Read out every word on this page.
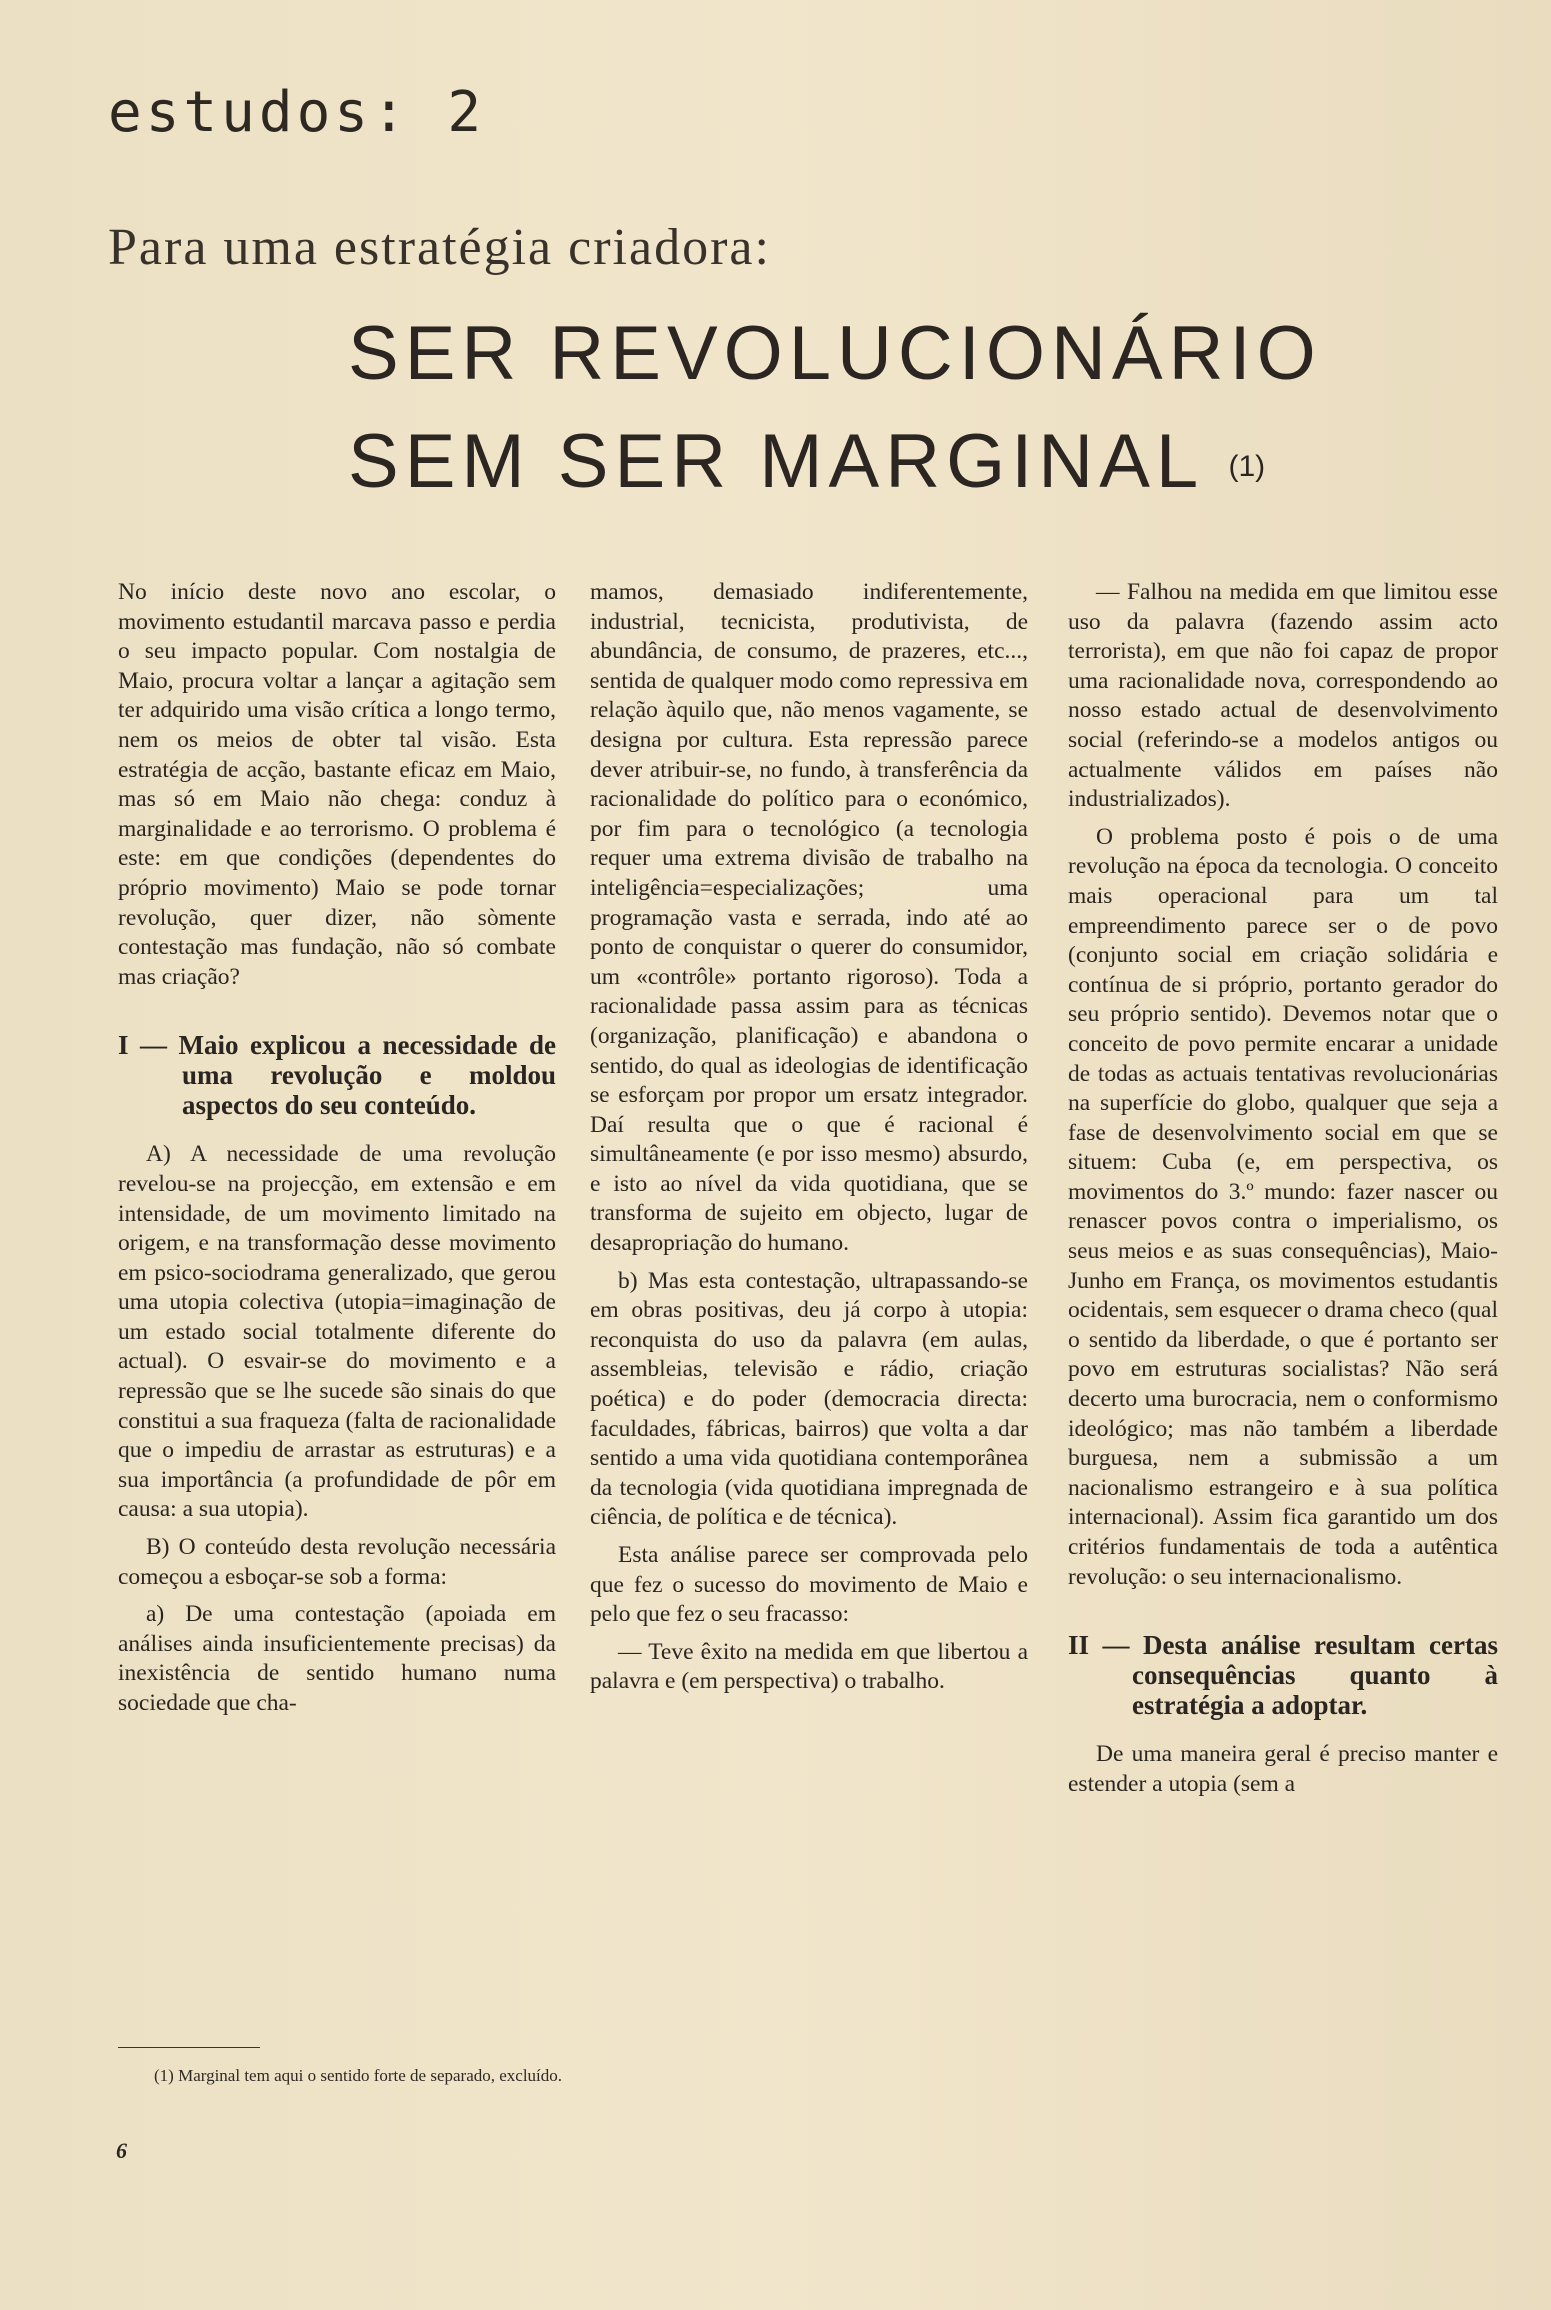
estudos: 2
Para uma estratégia criadora:
SER REVOLUCIONÁRIO
SEM SER MARGINAL (1)

No início deste novo ano escolar, o movimento estudantil marcava passo e perdia o seu impacto popular. Com nostalgia de Maio, procura voltar a lançar a agitação sem ter adquirido uma visão crítica a longo termo, nem os meios de obter tal visão. Esta estratégia de acção, bastante eficaz em Maio, mas só em Maio não chega: conduz à marginalidade e ao terrorismo. O problema é este: em que condições (dependentes do próprio movimento) Maio se pode tornar revolução, quer dizer, não sòmente contestação mas fundação, não só combate mas criação?

I — Maio explicou a necessidade de uma revolução e moldou aspectos do seu conteúdo.

A) A necessidade de uma revolução revelou-se na projecção, em extensão e em intensidade, de um movimento limitado na origem, e na transformação desse movimento em psico-sociodrama generalizado, que gerou uma utopia colectiva (utopia=imaginação de um estado social totalmente diferente do actual). O esvair-se do movimento e a repressão que se lhe sucede são sinais do que constitui a sua fraqueza (falta de racionalidade que o impediu de arrastar as estruturas) e a sua importância (a profundidade de pôr em causa: a sua utopia).

B) O conteúdo desta revolução necessária começou a esboçar-se sob a forma:

a) De uma contestação (apoiada em análises ainda insuficientemente precisas) da inexistência de sentido humano numa sociedade que cha-

mamos, demasiado indiferentemente, industrial, tecnicista, produtivista, de abundância, de consumo, de prazeres, etc..., sentida de qualquer modo como repressiva em relação àquilo que, não menos vagamente, se designa por cultura. Esta repressão parece dever atribuir-se, no fundo, à transferência da racionalidade do político para o económico, por fim para o tecnológico (a tecnologia requer uma extrema divisão de trabalho na inteligência=especializações; uma programação vasta e serrada, indo até ao ponto de conquistar o querer do consumidor, um «contrôle» portanto rigoroso). Toda a racionalidade passa assim para as técnicas (organização, planificação) e abandona o sentido, do qual as ideologias de identificação se esforçam por propor um ersatz integrador. Daí resulta que o que é racional é simultâneamente (e por isso mesmo) absurdo, e isto ao nível da vida quotidiana, que se transforma de sujeito em objecto, lugar de desapropriação do humano.

b) Mas esta contestação, ultrapassando-se em obras positivas, deu já corpo à utopia: reconquista do uso da palavra (em aulas, assembleias, televisão e rádio, criação poética) e do poder (democracia directa: faculdades, fábricas, bairros) que volta a dar sentido a uma vida quotidiana contemporânea da tecnologia (vida quotidiana impregnada de ciência, de política e de técnica).

Esta análise parece ser comprovada pelo que fez o sucesso do movimento de Maio e pelo que fez o seu fracasso:

— Teve êxito na medida em que libertou a palavra e (em perspectiva) o trabalho.

— Falhou na medida em que limitou esse uso da palavra (fazendo assim acto terrorista), em que não foi capaz de propor uma racionalidade nova, correspondendo ao nosso estado actual de desenvolvimento social (referindo-se a modelos antigos ou actualmente válidos em países não industrializados).

O problema posto é pois o de uma revolução na época da tecnologia. O conceito mais operacional para um tal empreendimento parece ser o de povo (conjunto social em criação solidária e contínua de si próprio, portanto gerador do seu próprio sentido). Devemos notar que o conceito de povo permite encarar a unidade de todas as actuais tentativas revolucionárias na superfície do globo, qualquer que seja a fase de desenvolvimento social em que se situem: Cuba (e, em perspectiva, os movimentos do 3.º mundo: fazer nascer ou renascer povos contra o imperialismo, os seus meios e as suas consequências), Maio-Junho em França, os movimentos estudantis ocidentais, sem esquecer o drama checo (qual o sentido da liberdade, o que é portanto ser povo em estruturas socialistas? Não será decerto uma burocracia, nem o conformismo ideológico; mas não também a liberdade burguesa, nem a submissão a um nacionalismo estrangeiro e à sua política internacional). Assim fica garantido um dos critérios fundamentais de toda a autêntica revolução: o seu internacionalismo.

II — Desta análise resultam certas consequências quanto à estratégia a adoptar.

De uma maneira geral é preciso manter e estender a utopia (sem a

(1) Marginal tem aqui o sentido forte de separado, excluído.
6
